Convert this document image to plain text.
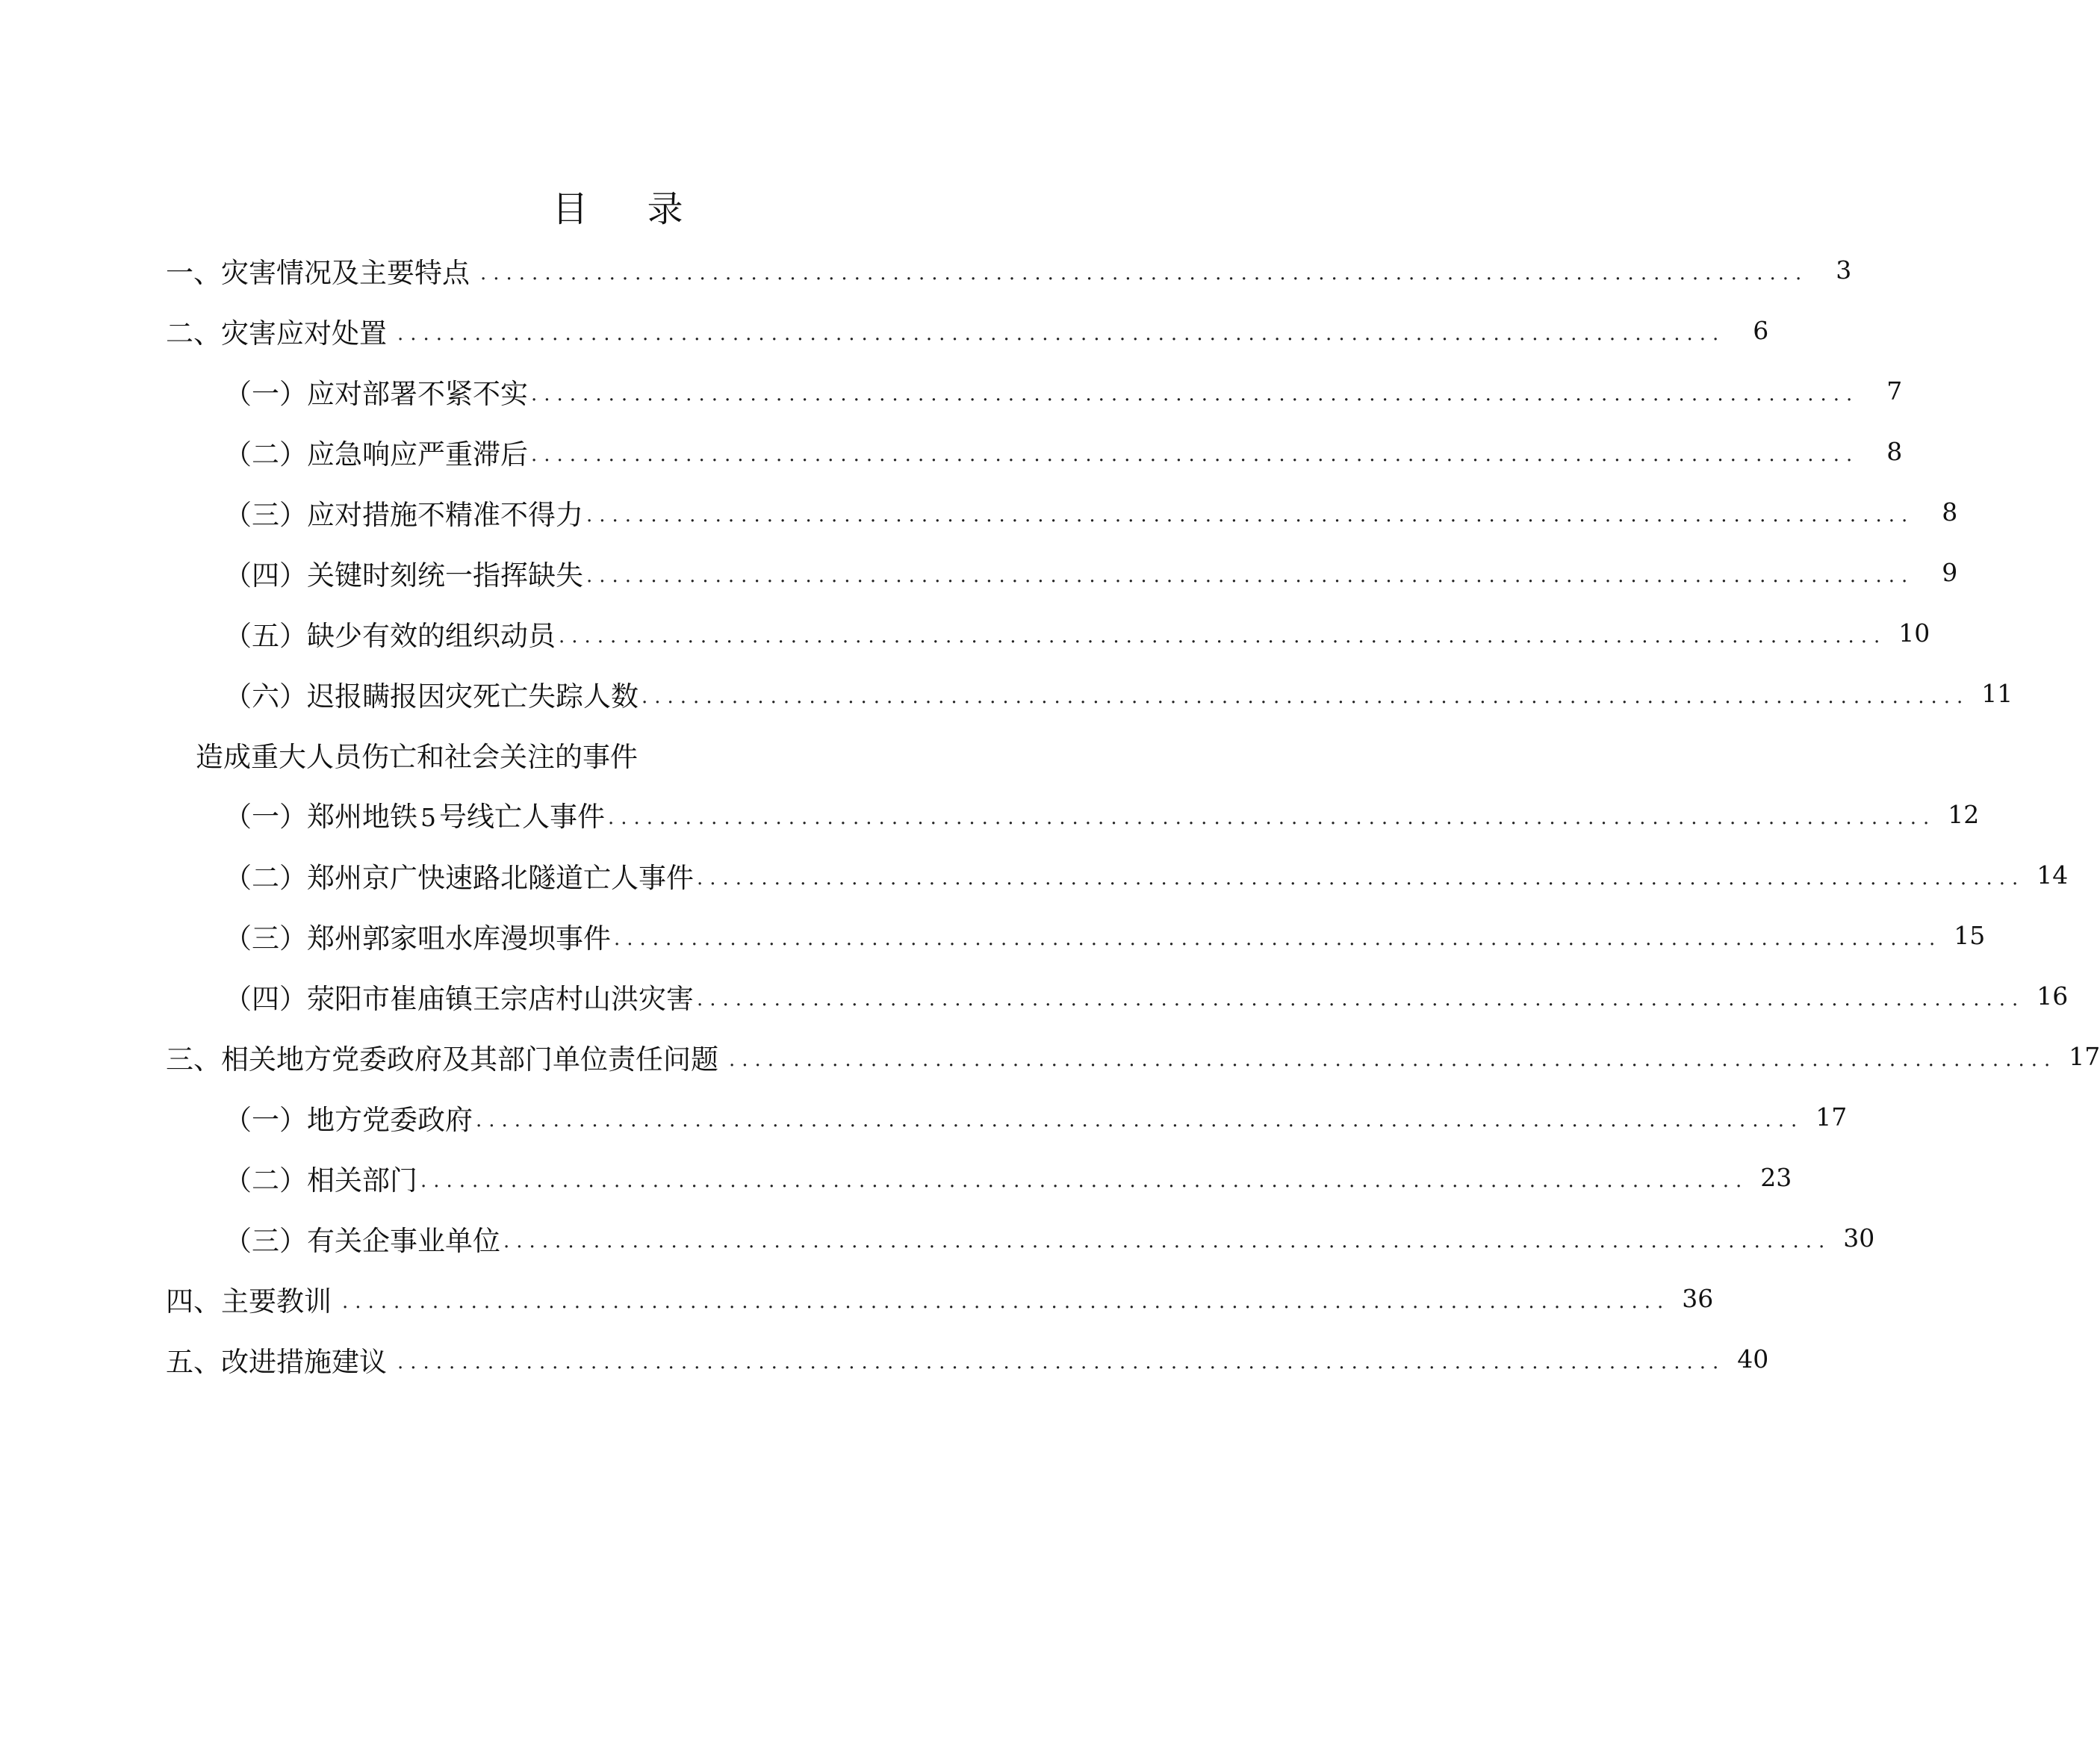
目 录
一、灾害情况及主要特点 .......................................................................................................	3
二、灾害应对处置 .......................................................................................................	6
（一）应对部署不紧不实 .......................................................................................................	7
（二）应急响应严重滞后 .......................................................................................................	8
（三）应对措施不精准不得力 .......................................................................................................	8
（四）关键时刻统一指挥缺失 .......................................................................................................	9
（五）缺少有效的组织动员 ....................................................................................................... 10
（六）迟报瞒报因灾死亡失踪人数 ....................................................................................................... 11
造成重大人员伤亡和社会关注的事件
（一）郑州地铁 5 号线亡人事件 ....................................................................................................... 12
（二）郑州京广快速路北隧道亡人事件 ....................................................................................................... 14
（三）郑州郭家咀水库漫坝事件 ....................................................................................................... 15
（四）荥阳市崔庙镇王宗店村山洪灾害 ....................................................................................................... 16
三、相关地方党委政府及其部门单位责任问题 ....................................................................................................... 17
（一）地方党委政府 ....................................................................................................... 17
（二）相关部门 ....................................................................................................... 23
（三）有关企事业单位 ....................................................................................................... 30
四、主要教训 ....................................................................................................... 36
五、改进措施建议 ....................................................................................................... 40
